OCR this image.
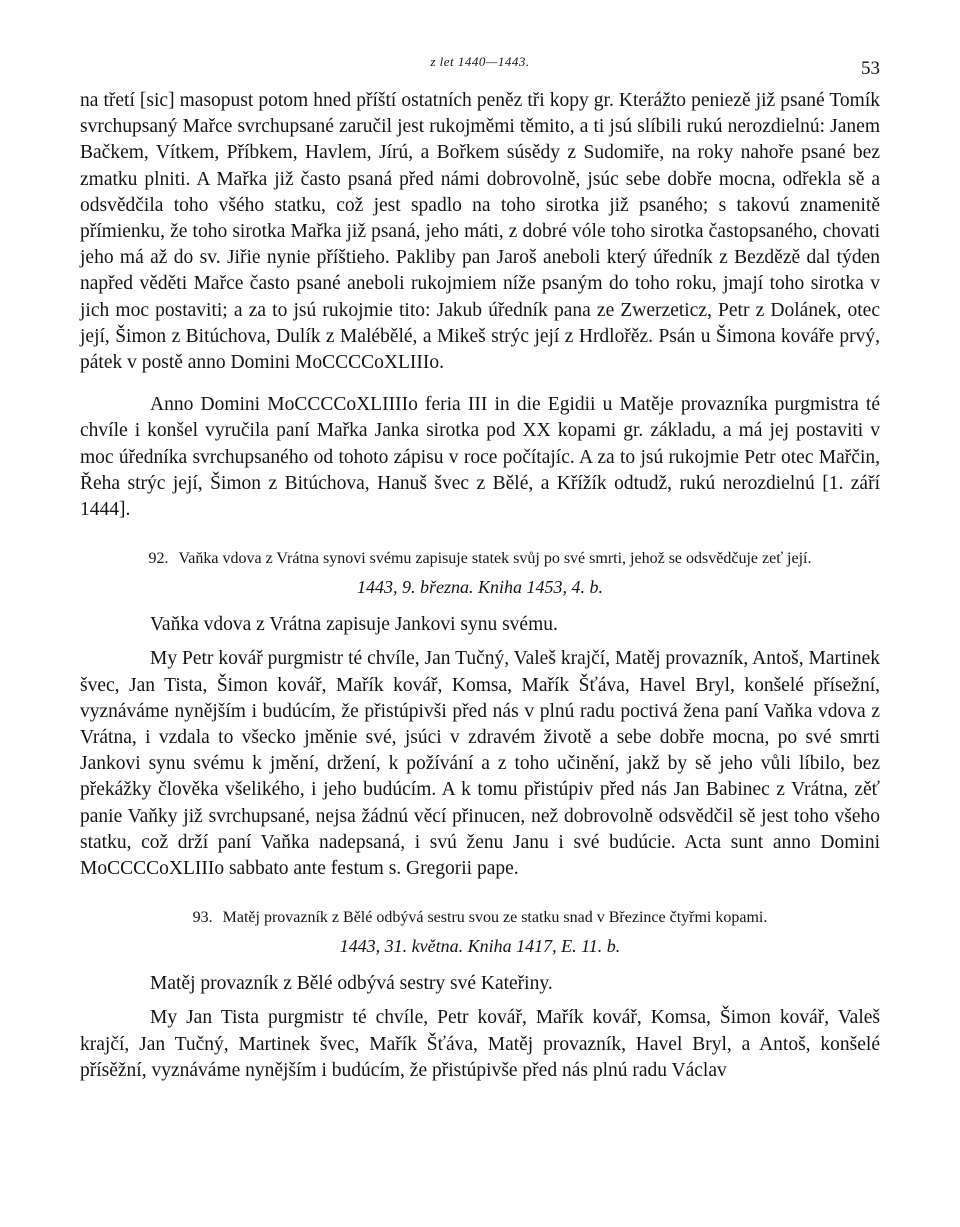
z let 1440—1443.	53

na třetí [sic] masopust potom hned příští ostatních peněz tři kopy gr. Kterážto peniezě již psané Tomík svrchupsaný Mařce svrchupsané zaručil jest rukojměmi těmito, a ti jsú slíbili rukú nerozdielnú: Janem Bačkem, Vítkem, Příbkem, Havlem, Jírú, a Bořkem súsědy z Sudomiře, na roky nahoře psané bez zmatku plniti. A Mařka již často psaná před námi dobrovolně, jsúc sebe dobře mocna, odřekla sě a odsvědčila toho všého statku, což jest spadlo na toho sirotka již psaného; s takovú znamenitě přímienku, že toho sirotka Mařka již psaná, jeho máti, z dobré vóle toho sirotka častopsaného, chovati jeho má až do sv. Jiřie nynie příštieho. Pakliby pan Jaroš aneboli který úředník z Bezdězě dal týden napřed věděti Mařce často psané aneboli rukojmiem níže psaným do toho roku, jmají toho sirotka v jich moc postaviti; a za to jsú rukojmie tito: Jakub úředník pana ze Zwerzeticz, Petr z Dolánek, otec její, Šimon z Bitúchova, Dulík z Malébělé, a Mikeš strýc její z Hrdlořěz. Psán u Šimona kováře prvý, pátek v postě anno Domini MoCCCCoXLIIIo.

Anno Domini MoCCCCoXLIIIIo feria III in die Egidii u Matěje provazníka purgmistra té chvíle i konšel vyručila paní Mařka Janka sirotka pod XX kopami gr. základu, a má jej postaviti v moc úředníka svrchupsaného od tohoto zápisu v roce počítajíc. A za to jsú rukojmie Petr otec Mařčin, Řeha strýc její, Šimon z Bitúchova, Hanuš švec z Bělé, a Křížík odtudž, rukú nerozdielnú [1. září 1444].

92. Vaňka vdova z Vrátna synovi svému zapisuje statek svůj po své smrti, jehož se odsvědčuje zeť její.

1443, 9. března. Kniha 1453, 4. b.

Vaňka vdova z Vrátna zapisuje Jankovi synu svému.

My Petr kovář purgmistr té chvíle, Jan Tučný, Valeš krajčí, Matěj provazník, Antoš, Martinek švec, Jan Tista, Šimon kovář, Mařík kovář, Komsa, Mařík Šťáva, Havel Bryl, konšelé přísežní, vyznáváme nynějším i budúcím, že přistúpivši před nás v plnú radu poctivá žena paní Vaňka vdova z Vrátna, i vzdala to všecko jměnie své, jsúci v zdravém životě a sebe dobře mocna, po své smrti Jankovi synu svému k jmění, držení, k požívání a z toho učinění, jakž by sě jeho vůli líbilo, bez překážky člověka všelikého, i jeho budúcím. A k tomu přistúpiv před nás Jan Babinec z Vrátna, zěť panie Vaňky již svrchupsané, nejsa žádnú věcí přinucen, než dobrovolně odsvědčil sě jest toho všeho statku, což drží paní Vaňka nadepsaná, i svú ženu Janu i své budúcie. Acta sunt anno Domini MoCCCCoXLIIIo sabbato ante festum s. Gregorii pape.

93. Matěj provazník z Bělé odbývá sestru svou ze statku snad v Březince čtyřmi kopami.

1443, 31. května. Kniha 1417, E. 11. b.

Matěj provazník z Bělé odbývá sestry své Kateřiny.

My Jan Tista purgmistr té chvíle, Petr kovář, Mařík kovář, Komsa, Šimon kovář, Valeš krajčí, Jan Tučný, Martinek švec, Mařík Šťáva, Matěj provazník, Havel Bryl, a Antoš, konšelé přísěžní, vyznáváme nynějším i budúcím, že přistúpivše před nás plnú radu Václav
